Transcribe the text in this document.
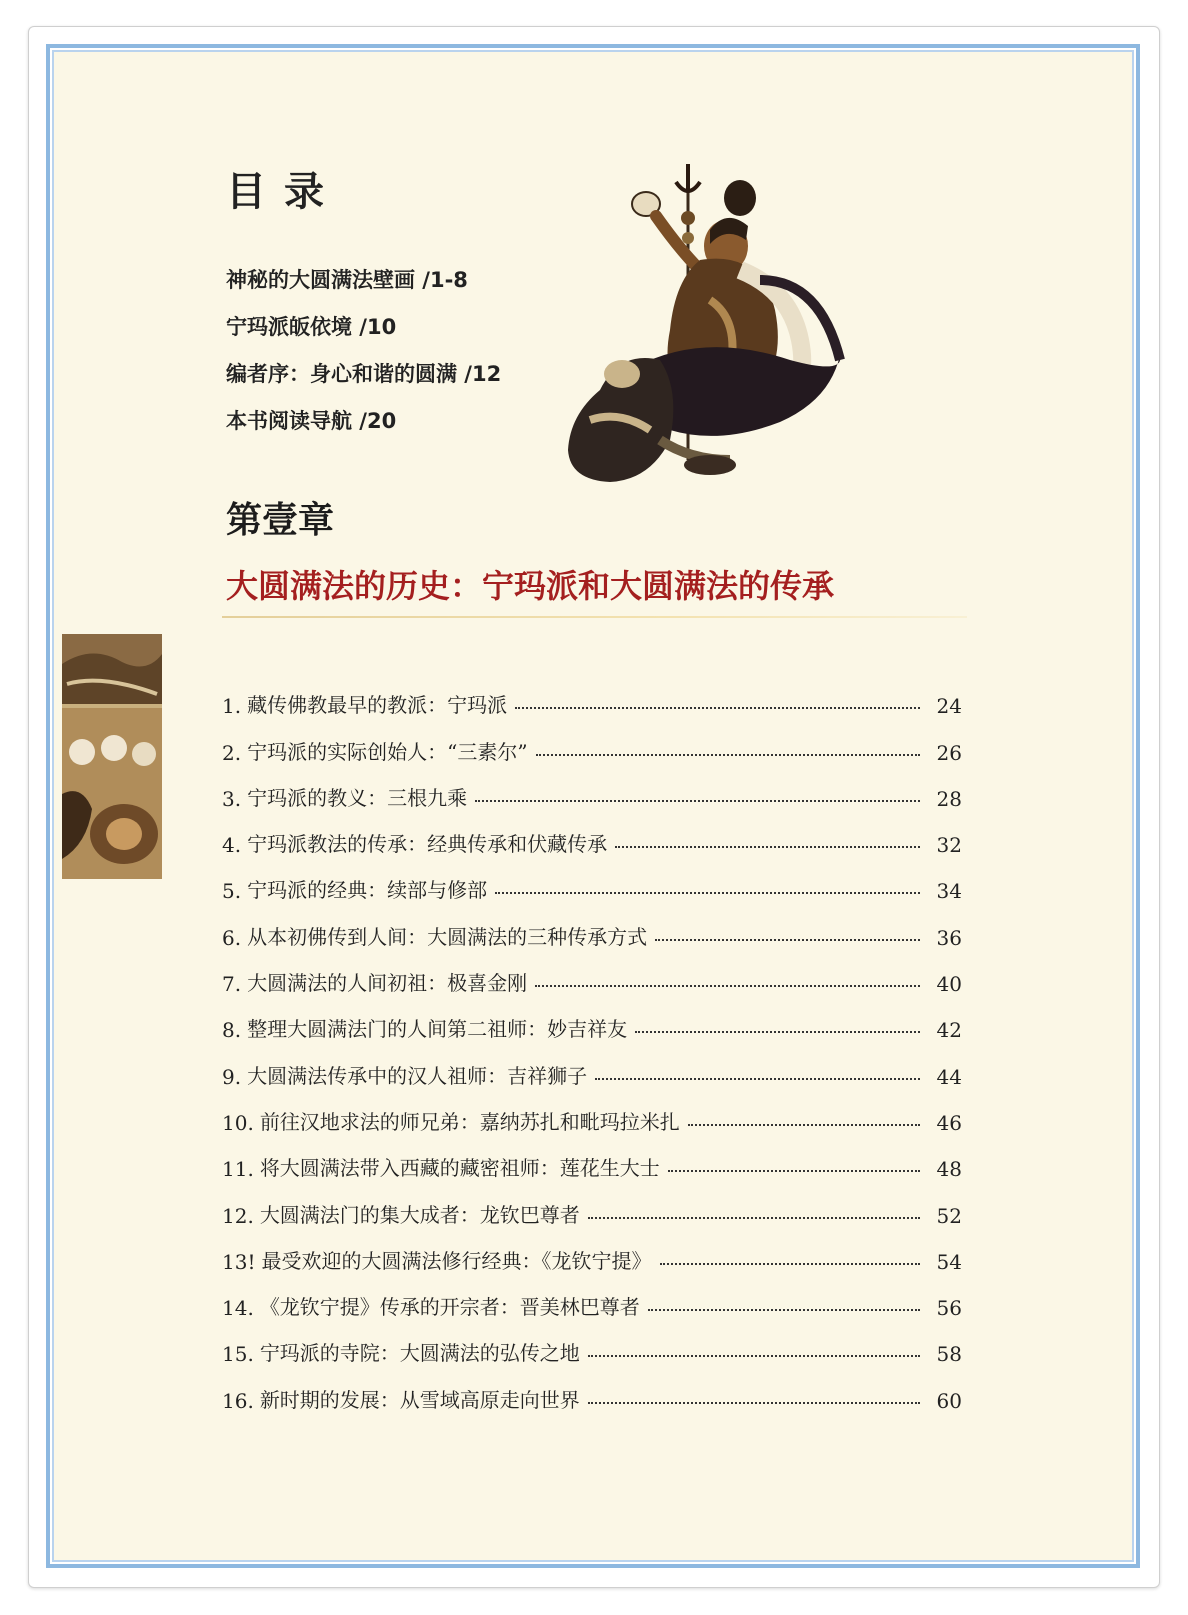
目录
神秘的大圆满法壁画 /1-8
宁玛派皈依境 /10
编者序：身心和谐的圆满 /12
本书阅读导航 /20
第壹章
大圆满法的历史：宁玛派和大圆满法的传承
1. 藏传佛教最早的教派：宁玛派	24
2. 宁玛派的实际创始人：“三素尔”	26
3. 宁玛派的教义：三根九乘	28
4. 宁玛派教法的传承：经典传承和伏藏传承	32
5. 宁玛派的经典：续部与修部	34
6. 从本初佛传到人间：大圆满法的三种传承方式	36
7. 大圆满法的人间初祖：极喜金刚	40
8. 整理大圆满法门的人间第二祖师：妙吉祥友	42
9. 大圆满法传承中的汉人祖师：吉祥狮子	44
10. 前往汉地求法的师兄弟：嘉纳苏扎和毗玛拉米扎	46
11. 将大圆满法带入西藏的藏密祖师：莲花生大士	48
12. 大圆满法门的集大成者：龙钦巴尊者	52
13! 最受欢迎的大圆满法修行经典：《龙钦宁提》	54
14. 《龙钦宁提》传承的开宗者：晋美林巴尊者	56
15. 宁玛派的寺院：大圆满法的弘传之地	58
16. 新时期的发展：从雪域高原走向世界	60
